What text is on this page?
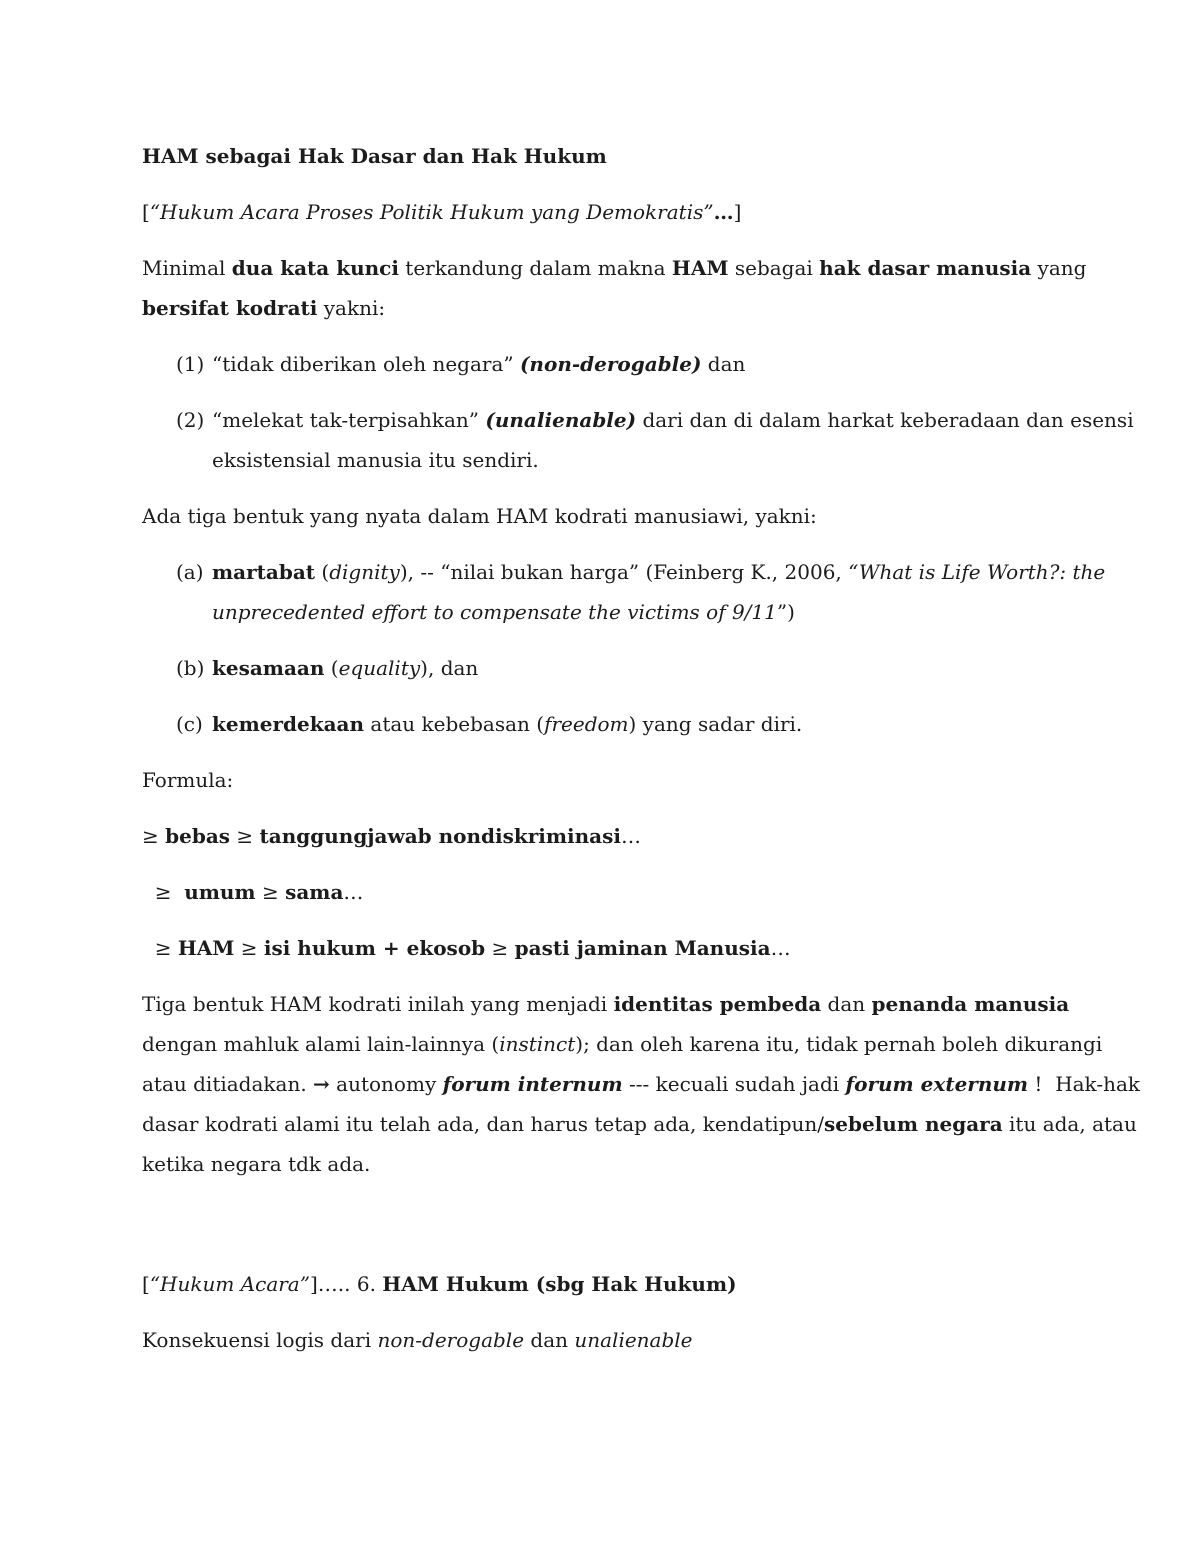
HAM sebagai Hak Dasar dan Hak Hukum
[“Hukum Acara Proses Politik Hukum yang Demokratis”…]
Minimal dua kata kunci terkandung dalam makna HAM sebagai hak dasar manusia yang
bersifat kodrati yakni:
(1) “tidak diberikan oleh negara” (non-derogable) dan
(2) “melekat tak-terpisahkan” (unalienable) dari dan di dalam harkat keberadaan dan esensi
eksistensial manusia itu sendiri.
Ada tiga bentuk yang nyata dalam HAM kodrati manusiawi, yakni:
(a) martabat (dignity), -- “nilai bukan harga” (Feinberg K., 2006, “What is Life Worth?: the
unprecedented effort to compensate the victims of 9/11”)
(b) kesamaan (equality), dan
(c) kemerdekaan atau kebebasan (freedom) yang sadar diri.
Formula:
≥ bebas ≥ tanggungjawab nondiskriminasi…
≥  umum ≥ sama…
≥ HAM ≥ isi hukum + ekosob ≥ pasti jaminan Manusia…
Tiga bentuk HAM kodrati inilah yang menjadi identitas pembeda dan penanda manusia
dengan mahluk alami lain-lainnya (instinct); dan oleh karena itu, tidak pernah boleh dikurangi
atau ditiadakan. → autonomy forum internum --- kecuali sudah jadi forum externum !  Hak-hak
dasar kodrati alami itu telah ada, dan harus tetap ada, kendatipun/sebelum negara itu ada, atau
ketika negara tdk ada.
[“Hukum Acara”]….. 6. HAM Hukum (sbg Hak Hukum)
Konsekuensi logis dari non-derogable dan unalienable
